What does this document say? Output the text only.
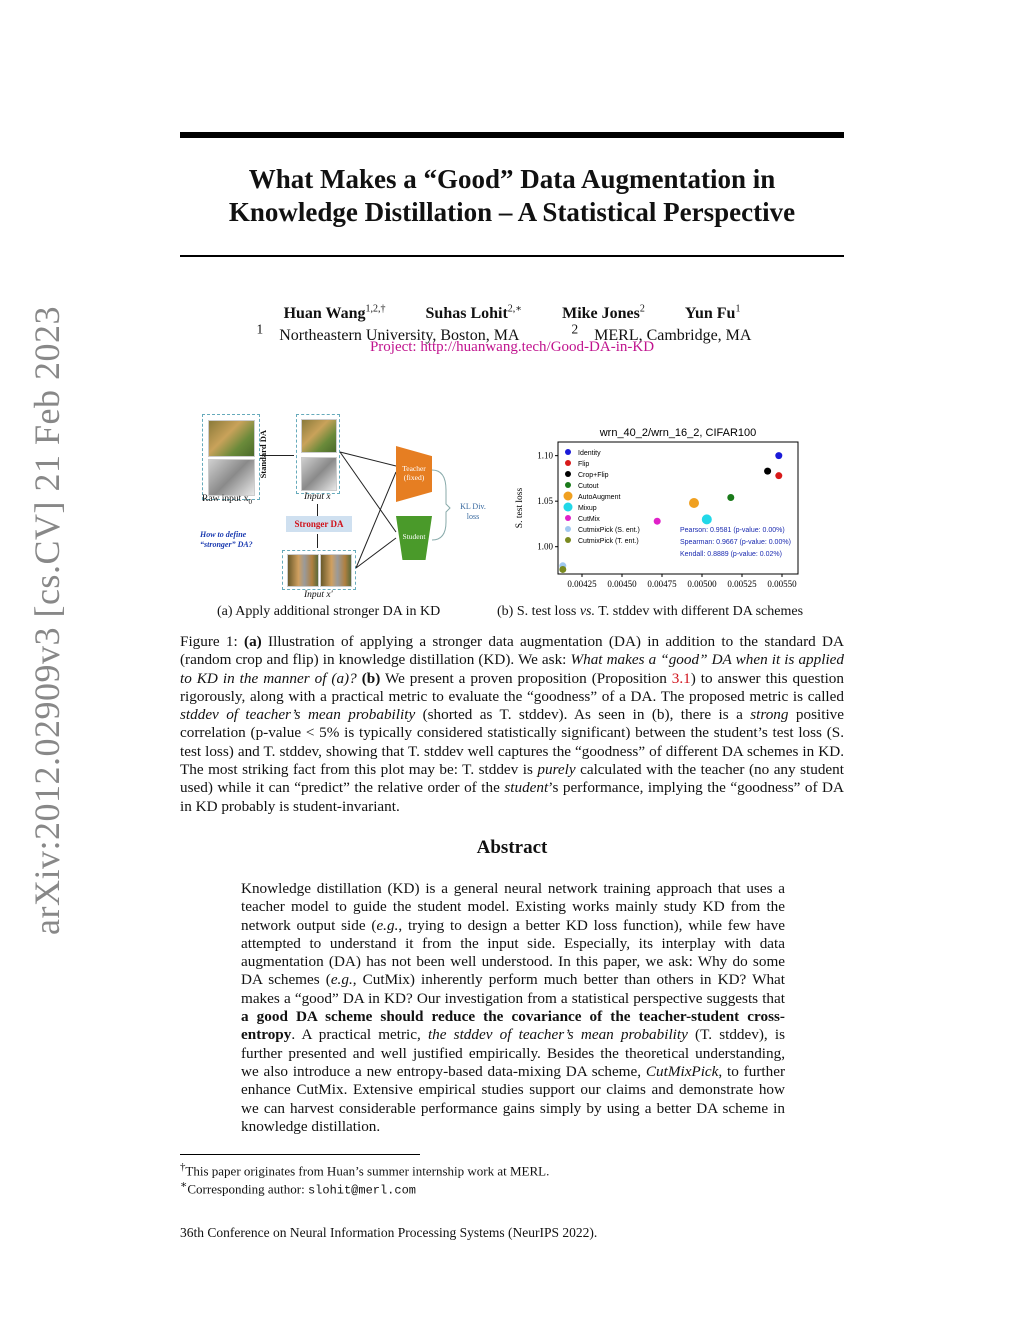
What Makes a “Good” Data Augmentation in
Knowledge Distillation – A Statistical Perspective
Huan Wang$^{1,2,\dagger}$	Suhas Lohit$^{2,∗}$	Mike Jones$^2$	Yun Fu$^1$
$^1$ Northeastern University, Boston, MA	$^2$ MERL, Cambridge, MA
Project: http://huanwang.tech/Good-DA-in-KD
arXiv:2012.02909v3 [cs.CV] 21 Feb 2023	Raw input $x_0$
Standard DA
Input x
Stronger DA
How to define “stronger” DA?
Input x′
Teacher (fixed)
Student
KL Div. loss
(a) Apply additional stronger DA in KD
wrn_40_2/wrn_16_2, CIFAR100
S. test loss
0.00425 0.00450 0.00475 0.00500 0.00525 0.00550
1.00
1.05
1.10	Identity
Flip
Crop+Flip
Cutout
AutoAugment
Mixup
CutMix
CutmixPick (S. ent.)
CutmixPick (T. ent.)
Pearson: 0.9581 (p-value: 0.00%)
Spearman: 0.9667 (p-value: 0.00%)
Kendall: 0.8889 (p-value: 0.02%)
(b) S. test loss vs. T. stddev with different DA schemes
Figure 1: (a) Illustration of applying a stronger data augmentation (DA) in addition to the standard DA (random crop and flip) in knowledge distillation (KD). We ask: What makes a “good” DA when it is applied to KD in the manner of (a)? (b) We present a proven proposition (Proposition 3.1) to answer this question rigorously, along with a practical metric to evaluate the “goodness” of a DA. The proposed metric is called stddev of teacher’s mean probability (shorted as T. stddev). As seen in (b), there is a strong positive correlation (p-value < 5% is typically considered statistically significant) between the student’s test loss (S. test loss) and T. stddev, showing that T. stddev well captures the “goodness” of different DA schemes in KD. The most striking fact from this plot may be: T. stddev is purely calculated with the teacher (no any student used) while it can “predict” the relative order of the student’s performance, implying the “goodness” of DA in KD probably is student-invariant.
Abstract
Knowledge distillation (KD) is a general neural network training approach that uses a teacher model to guide the student model. Existing works mainly study KD from the network output side (e.g., trying to design a better KD loss function), while few have attempted to understand it from the input side. Especially, its interplay with data augmentation (DA) has not been well understood. In this paper, we ask: Why do some DA schemes (e.g., CutMix) inherently perform much better than others in KD? What makes a “good” DA in KD? Our investigation from a statistical perspective suggests that a good DA scheme should reduce the covariance of the teacher-student cross-entropy. A practical metric, the stddev of teacher’s mean probability (T. stddev), is further presented and well justified empirically. Besides the theoretical understanding, we also introduce a new entropy-based data-mixing DA scheme, CutMixPick, to further enhance CutMix. Extensive empirical studies support our claims and demonstrate how we can harvest considerable performance gains simply by using a better DA scheme in knowledge distillation.
†This paper originates from Huan’s summer internship work at MERL.
∗Corresponding author: slohit@merl.com
36th Conference on Neural Information Processing Systems (NeurIPS 2022).
